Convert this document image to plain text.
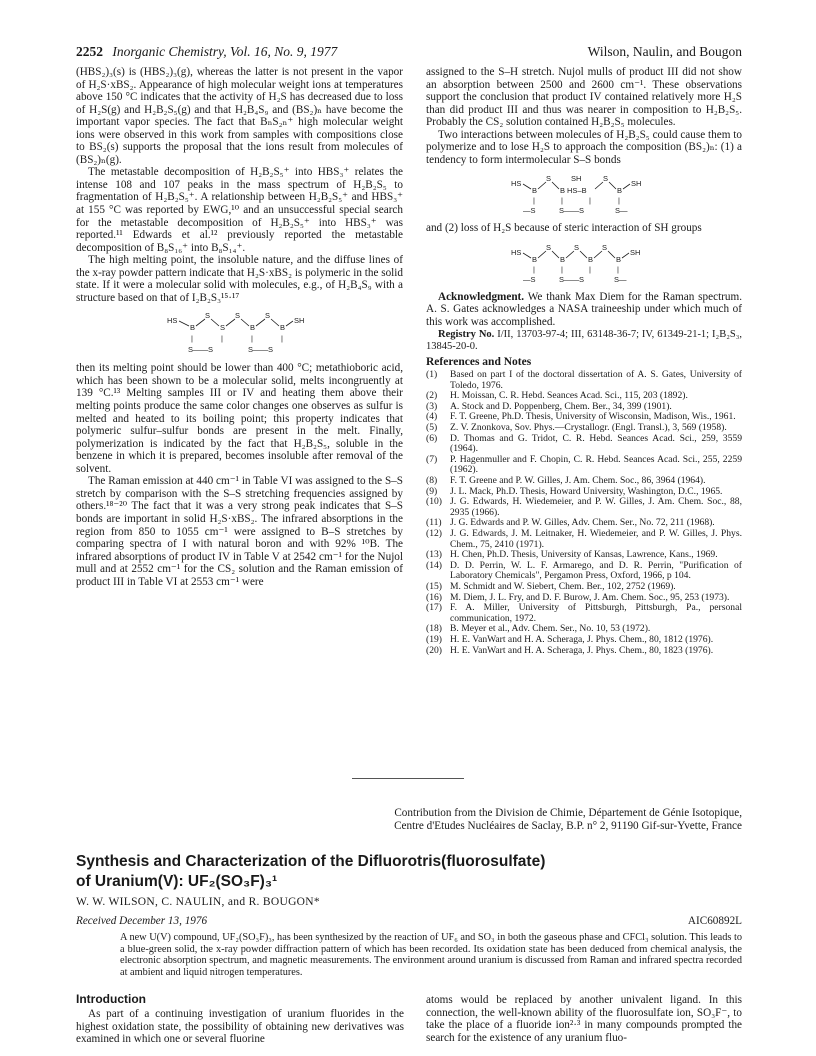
2252 Inorganic Chemistry, Vol. 16, No. 9, 1977	Wilson, Naulin, and Bougon

(HBS₂)₃(s) is (HBS₂)₃(g), whereas the latter is not present in the vapor of H₂S·xBS₂. Appearance of high molecular weight ions at temperatures above 150 °C indicates that the activity of H₂S has decreased due to loss of H₂S(g) and H₂B₂S₅(g) and that H₂B₄S₉ and (BS₂)ₙ have become the important vapor species. The fact that BₙS₂ₙ⁺ high molecular weight ions were observed in this work from samples with compositions close to BS₂(s) supports the proposal that the ions result from molecules of (BS₂)ₙ(g).

The metastable decomposition of H₂B₂S₅⁺ into HBS₃⁺ relates the intense 108 and 107 peaks in the mass spectrum of H₂B₂S₅ to fragmentation of H₂B₂S₅⁺. A relationship between H₂B₂S₅⁺ and HBS₃⁺ at 155 °C was reported by EWG,¹⁰ and an unsuccessful special search for the metastable decomposition of H₂B₂S₅⁺ into HBS₃⁺ was reported.¹¹ Edwards et al.¹² previously reported the metastable decomposition of B₈S₁₆⁺ into B₈S₁₄⁺.

The high melting point, the insoluble nature, and the diffuse lines of the x-ray powder pattern indicate that H₂S·xBS₂ is polymeric in the solid state. If it were a molecular solid with molecules, e.g., of H₂B₄S₉ with a structure based on that of I₂B₂S₃¹⁵·¹⁷

HS
B
S
S
S
B
S
B
SH
|	|	|	|
S——S	S——S

then its melting point should be lower than 400 °C; metathioboric acid, which has been shown to be a molecular solid, melts incongruently at 139 °C.¹³ Melting samples III or IV and heating them above their melting points produce the same color changes one observes as sulfur is melted and heated to its boiling point; this property indicates that polymeric sulfur–sulfur bonds are present in the melt. Finally, polymerization is indicated by the fact that H₂B₂S₅, soluble in the benzene in which it is prepared, becomes insoluble after removal of the solvent.

The Raman emission at 440 cm⁻¹ in Table VI was assigned to the S–S stretch by comparison with the S–S stretching frequencies assigned by others.¹⁸⁻²⁰ The fact that it was a very strong peak indicates that S–S bonds are important in solid H₂S·xBS₂. The infrared absorptions in the region from 850 to 1055 cm⁻¹ were assigned to B–S stretches by comparing spectra of I with natural boron and with 92% ¹⁰B. The infrared absorptions of product IV in Table V at 2542 cm⁻¹ for the Nujol mull and at 2552 cm⁻¹ for the CS₂ solution and the Raman emission of product III in Table VI at 2553 cm⁻¹ were

assigned to the S–H stretch. Nujol mulls of product III did not show an absorption between 2500 and 2600 cm⁻¹. These observations support the conclusion that product IV contained relatively more H₂S than did product III and thus was nearer in composition to H₂B₂S₅. Probably the CS₂ solution contained H₂B₂S₅ molecules.

Two interactions between molecules of H₂B₂S₅ could cause them to polymerize and to lose H₂S to approach the composition (BS₂)ₙ: (1) a tendency to form intermolecular S–S bonds

HS
B
S
B
SH
HS–B
S
B
SH
|	|	|	|
—S	S——S	S—

and (2) loss of H₂S because of steric interaction of SH groups

HS
B
S
B
S
B
S
B
SH
|	|	|	|
—S	S——S	S—

Acknowledgment. We thank Max Diem for the Raman spectrum. A. S. Gates acknowledges a NASA traineeship under which much of this work was accomplished.

Registry No. I/II, 13703-97-4; III, 63148-36-7; IV, 61349-21-1; I₂B₂S₃, 13845-20-0.

References and Notes
(1) Based on part I of the doctoral dissertation of A. S. Gates, University of Toledo, 1976.
(2) H. Moissan, C. R. Hebd. Seances Acad. Sci., 115, 203 (1892).
(3) A. Stock and D. Poppenberg, Chem. Ber., 34, 399 (1901).
(4) F. T. Greene, Ph.D. Thesis, University of Wisconsin, Madison, Wis., 1961.
(5) Z. V. Znonkova, Sov. Phys.—Crystallogr. (Engl. Transl.), 3, 569 (1958).
(6) D. Thomas and G. Tridot, C. R. Hebd. Seances Acad. Sci., 259, 3559 (1964).
(7) P. Hagenmuller and F. Chopin, C. R. Hebd. Seances Acad. Sci., 255, 2259 (1962).
(8) F. T. Greene and P. W. Gilles, J. Am. Chem. Soc., 86, 3964 (1964).
(9) J. L. Mack, Ph.D. Thesis, Howard University, Washington, D.C., 1965.
(10) J. G. Edwards, H. Wiedemeier, and P. W. Gilles, J. Am. Chem. Soc., 88, 2935 (1966).
(11) J. G. Edwards and P. W. Gilles, Adv. Chem. Ser., No. 72, 211 (1968).
(12) J. G. Edwards, J. M. Leitnaker, H. Wiedemeier, and P. W. Gilles, J. Phys. Chem., 75, 2410 (1971).
(13) H. Chen, Ph.D. Thesis, University of Kansas, Lawrence, Kans., 1969.
(14) D. D. Perrin, W. L. F. Armarego, and D. R. Perrin, "Purification of Laboratory Chemicals", Pergamon Press, Oxford, 1966, p 104.
(15) M. Schmidt and W. Siebert, Chem. Ber., 102, 2752 (1969).
(16) M. Diem, J. L. Fry, and D. F. Burow, J. Am. Chem. Soc., 95, 253 (1973).
(17) F. A. Miller, University of Pittsburgh, Pittsburgh, Pa., personal communication, 1972.
(18) B. Meyer et al., Adv. Chem. Ser., No. 10, 53 (1972).
(19) H. E. VanWart and H. A. Scheraga, J. Phys. Chem., 80, 1812 (1976).
(20) H. E. VanWart and H. A. Scheraga, J. Phys. Chem., 80, 1823 (1976).
Contribution from the Division de Chimie, Département de Génie Isotopique,
Centre d'Etudes Nucléaires de Saclay, B.P. n° 2, 91190 Gif-sur-Yvette, France
Synthesis and Characterization of the Difluorotris(fluorosulfate)
of Uranium(V): UF₂(SO₃F)₃¹
W. W. WILSON, C. NAULIN, and R. BOUGON*
Received December 13, 1976	AIC60892L
A new U(V) compound, UF₂(SO₃F)₃, has been synthesized by the reaction of UF₆ and SO₃ in both the gaseous phase and CFCl₃ solution. This leads to a blue-green solid, the x-ray powder diffraction pattern of which has been recorded. Its oxidation state has been deduced from chemical analysis, the electronic absorption spectrum, and magnetic measurements. The environment around uranium is discussed from Raman and infrared spectra recorded at ambient and liquid nitrogen temperatures.
Introduction
As part of a continuing investigation of uranium fluorides in the highest oxidation state, the possibility of obtaining new derivatives was examined in which one or several fluorine
atoms would be replaced by another univalent ligand. In this connection, the well-known ability of the fluorosulfate ion, SO₃F⁻, to take the place of a fluoride ion²·³ in many compounds prompted the search for the existence of any uranium fluo-
